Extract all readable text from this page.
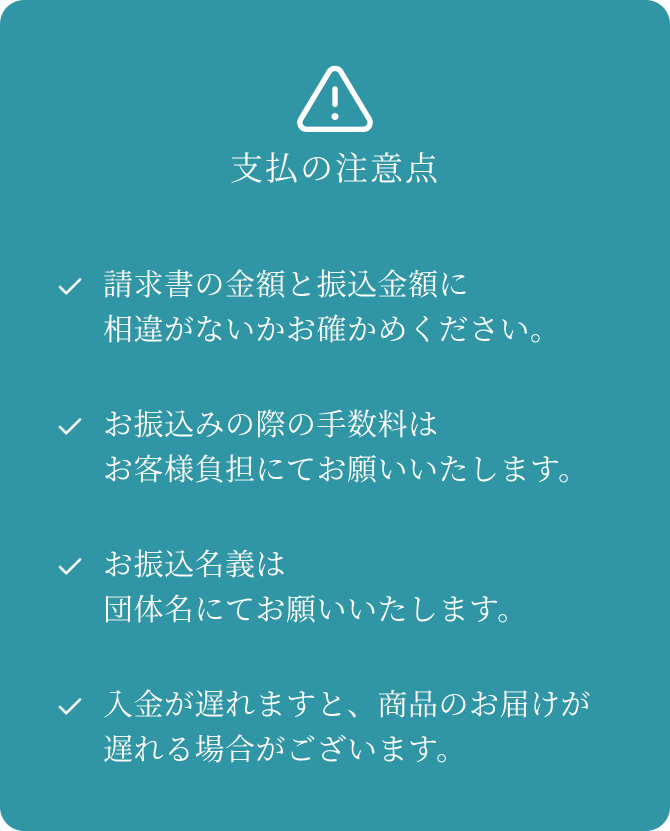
支払の注意点
請求書の金額と振込金額に
相違がないかお確かめください。
お振込みの際の手数料は
お客様負担にてお願いいたします。
お振込名義は
団体名にてお願いいたします。
入金が遅れますと、商品のお届けが
遅れる場合がございます。
